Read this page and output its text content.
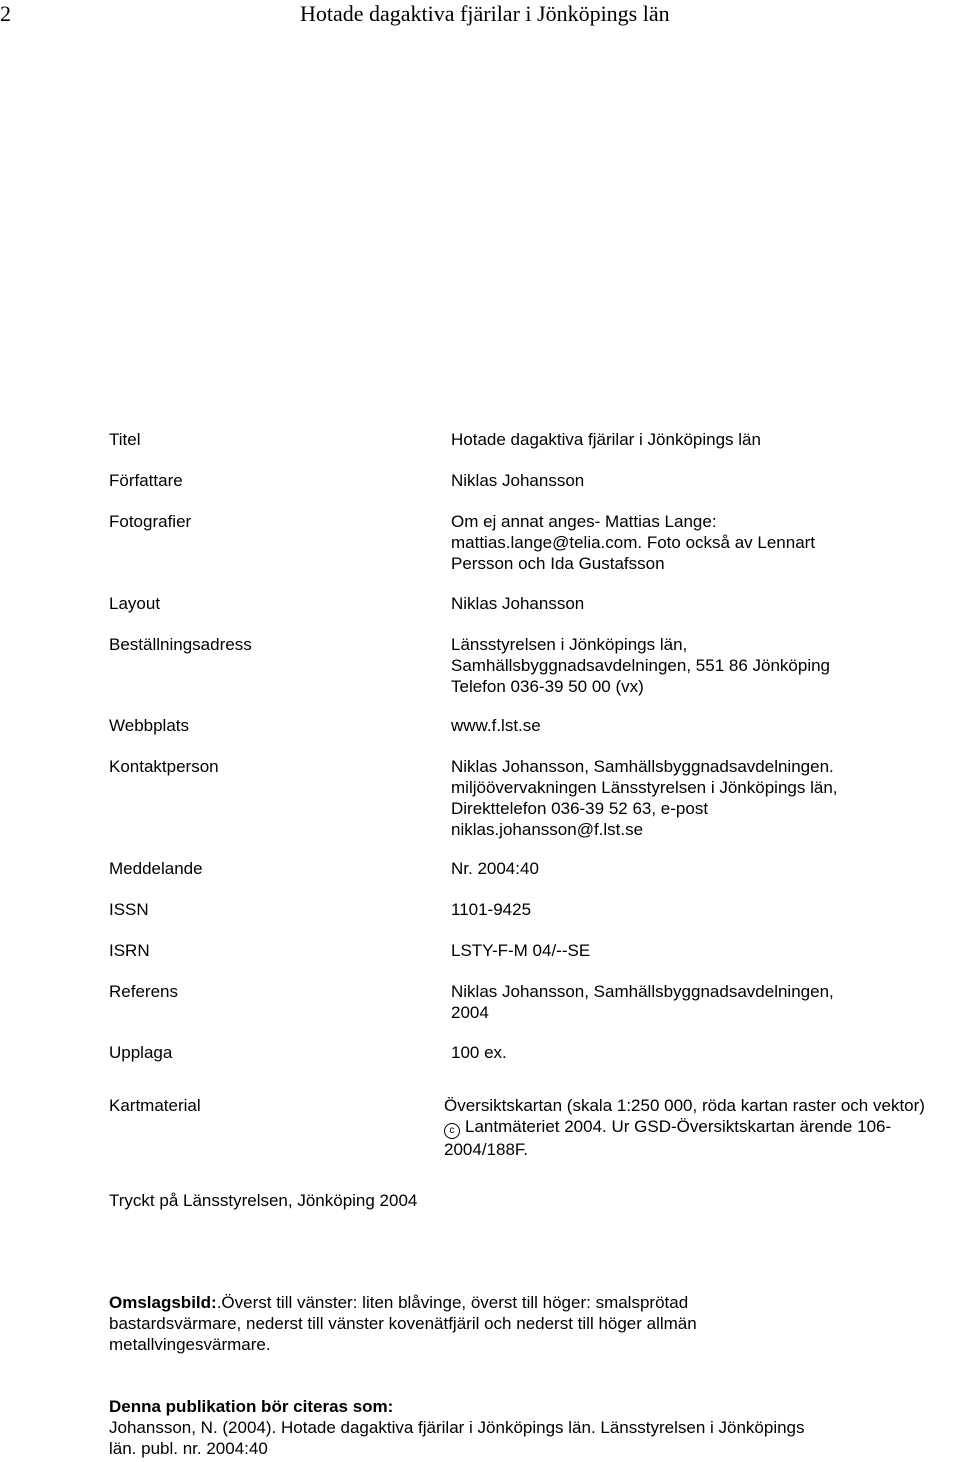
2	Hotade dagaktiva fjärilar i Jönköpings län
Titel
Författare
Fotografier
Layout
Beställningsadress
Webbplats
Kontaktperson
Meddelande
ISSN
ISRN
Referens
Upplaga
Kartmaterial
Hotade dagaktiva fjärilar i Jönköpings län
Niklas Johansson
Om ej annat anges- Mattias Lange:
mattias.lange@telia.com. Foto också av Lennart
Persson och Ida Gustafsson
Niklas Johansson
Länsstyrelsen i Jönköpings län,
Samhällsbyggnadsavdelningen, 551 86 Jönköping
Telefon 036-39 50 00 (vx)
www.f.lst.se
Niklas Johansson, Samhällsbyggnadsavdelningen.
miljöövervakningen Länsstyrelsen i Jönköpings län,
Direkttelefon 036-39 52 63, e-post
niklas.johansson@f.lst.se
Nr. 2004:40
1101-9425
LSTY-F-M 04/--SE
Niklas Johansson, Samhällsbyggnadsavdelningen,
2004
100 ex.
Översiktskartan (skala 1:250 000, röda kartan raster och vektor)
c Lantmäteriet 2004. Ur GSD-Översiktskartan ärende 106-
2004/188F.
Tryckt på Länsstyrelsen, Jönköping 2004
Omslagsbild:.Överst till vänster: liten blåvinge, överst till höger: smalsprötad
bastardsvärmare, nederst till vänster kovenätfjäril och nederst till höger allmän
metallvingesvärmare.
Denna publikation bör citeras som:
Johansson, N. (2004). Hotade dagaktiva fjärilar i Jönköpings län. Länsstyrelsen i Jönköpings
län. publ. nr. 2004:40
